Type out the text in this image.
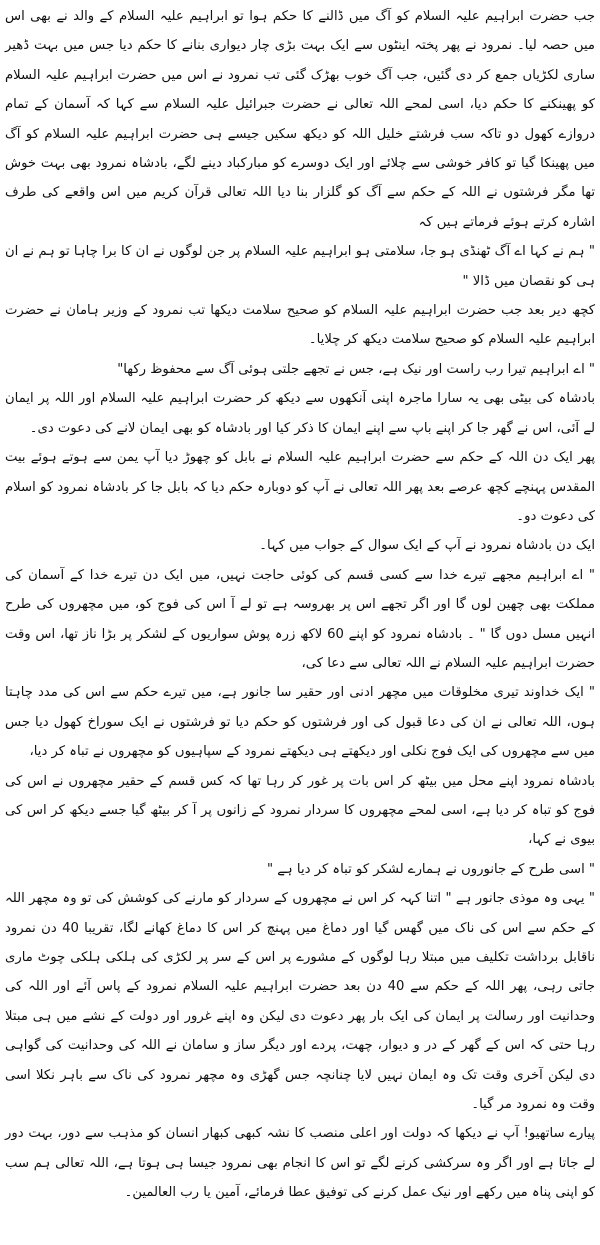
جب حضرت ابراہیم علیہ السلام کو آگ میں ڈالنے کا حکم ہوا تو ابراہیم علیہ السلام کے والد نے بھی اس میں حصہ لیا۔ نمرود نے پھر پختہ اینٹوں سے ایک بہت بڑی چار دیواری بنانے کا حکم دیا جس میں بہت ڈھیر ساری لکڑیاں جمع کر دی گئیں، جب آگ خوب بھڑک گئی تب نمرود نے اس میں حضرت ابراہیم علیہ السلام کو پھینکنے کا حکم دیا، اسی لمحے اللہ تعالی نے حضرت جبرائیل علیہ السلام سے کہا کہ آسمان کے تمام دروازے کھول دو تاکہ سب فرشتے خلیل اللہ کو دیکھ سکیں جیسے ہی حضرت ابراہیم علیہ السلام کو آگ میں پھینکا گیا تو کافر خوشی سے چلائے اور ایک دوسرے کو مبارکباد دینے لگے، بادشاہ نمرود بھی بہت خوش تھا مگر فرشتوں نے اللہ کے حکم سے آگ کو گلزار بنا دیا اللہ تعالی قرآن کریم میں اس واقعے کی طرف اشارہ کرتے ہوئے فرماتے ہیں کہ

" ہم نے کہا اے آگ ٹھنڈی ہو جا، سلامتی ہو ابراہیم علیہ السلام پر جن لوگوں نے ان کا برا چاہا تو ہم نے ان ہی کو نقصان میں ڈالا "

کچھ دیر بعد جب حضرت ابراہیم علیہ السلام کو صحیح سلامت دیکھا تب نمرود کے وزیر ہامان نے حضرت ابراہیم علیہ السلام کو صحیح سلامت دیکھ کر چلایا۔

" اے ابراہیم تیرا رب راست اور نیک ہے، جس نے تجھے جلتی ہوئی آگ سے محفوظ رکھا"

بادشاہ کی بیٹی بھی یہ سارا ماجرہ اپنی آنکھوں سے دیکھ کر حضرت ابراہیم علیہ السلام اور اللہ پر ایمان لے آئی، اس نے گھر جا کر اپنے باپ سے اپنے ایمان کا ذکر کیا اور بادشاہ کو بھی ایمان لانے کی دعوت دی۔

پھر ایک دن اللہ کے حکم سے حضرت ابراہیم علیہ السلام نے بابل کو چھوڑ دیا آپ یمن سے ہوتے ہوئے بیت المقدس پہنچے کچھ عرصے بعد پھر اللہ تعالی نے آپ کو دوبارہ حکم دیا کہ بابل جا کر بادشاہ نمرود کو اسلام کی دعوت دو۔

ایک دن بادشاہ نمرود نے آپ کے ایک سوال کے جواب میں کہا۔

" اے ابراہیم مجھے تیرے خدا سے کسی قسم کی کوئی حاجت نہیں، میں ایک دن تیرے خدا کے آسمان کی مملکت بھی چھین لوں گا اور اگر تجھے اس پر بھروسہ ہے تو لے آ اس کی فوج کو، میں مچھروں کی طرح انہیں مسل دوں گا " ۔ بادشاہ نمرود کو اپنے 60 لاکھ زرہ پوش سواریوں کے لشکر پر بڑا ناز تھا، اس وقت حضرت ابراہیم علیہ السلام نے اللہ تعالی سے دعا کی،

" ایک خداوند تیری مخلوقات میں مچھر ادنی اور حقیر سا جانور ہے، میں تیرے حکم سے اس کی مدد چاہتا ہوں، اللہ تعالی نے ان کی دعا قبول کی اور فرشتوں کو حکم دیا تو فرشتوں نے ایک سوراخ کھول دیا جس میں سے مچھروں کی ایک فوج نکلی اور دیکھتے ہی دیکھتے نمرود کے سپاہیوں کو مچھروں نے تباہ کر دیا،

بادشاہ نمرود اپنے محل میں بیٹھ کر اس بات پر غور کر رہا تھا کہ کس قسم کے حقیر مچھروں نے اس کی فوج کو تباہ کر دیا ہے، اسی لمحے مچھروں کا سردار نمرود کے زانوں پر آ کر بیٹھ گیا جسے دیکھ کر اس کی بیوی نے کہا،

" اسی طرح کے جانوروں نے ہمارے لشکر کو تباہ کر دیا ہے "

" یہی وہ موذی جانور ہے " اتنا کہہ کر اس نے مچھروں کے سردار کو مارنے کی کوشش کی تو وہ مچھر اللہ کے حکم سے اس کی ناک میں گھس گیا اور دماغ میں پہنچ کر اس کا دماغ کھانے لگا، تقریبا 40 دن نمرود ناقابل برداشت تکلیف میں مبتلا رہا لوگوں کے مشورے پر اس کے سر پر لکڑی کی ہلکی ہلکی چوٹ ماری جاتی رہی، پھر اللہ کے حکم سے 40 دن بعد حضرت ابراہیم علیہ السلام نمرود کے پاس آئے اور اللہ کی وحدانیت اور رسالت پر ایمان کی ایک بار پھر دعوت دی لیکن وہ اپنے غرور اور دولت کے نشے میں ہی مبتلا رہا حتی کہ اس کے گھر کے در و دیوار، چھت، پردے اور دیگر ساز و سامان نے اللہ کی وحدانیت کی گواہی دی لیکن آخری وقت تک وہ ایمان نہیں لایا چنانچہ جس گھڑی وہ مچھر نمرود کی ناک سے باہر نکلا اسی وقت وہ نمرود مر گیا۔

پیارے ساتھیو! آپ نے دیکھا کہ دولت اور اعلی منصب کا نشہ کبھی کبھار انسان کو مذہب سے دور، بہت دور لے جاتا ہے اور اگر وہ سرکشی کرنے لگے تو اس کا انجام بھی نمرود جیسا ہی ہوتا ہے، اللہ تعالی ہم سب کو اپنی پناہ میں رکھے اور نیک عمل کرنے کی توفیق عطا فرمائے، آمین یا رب العالمین۔
